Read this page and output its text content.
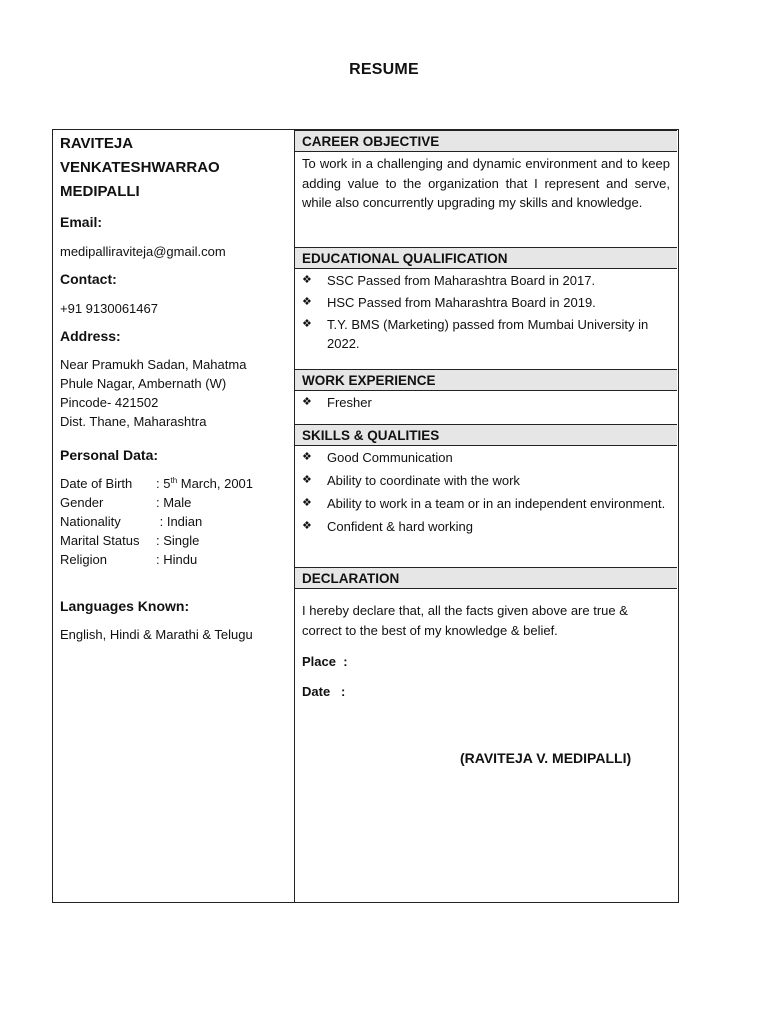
RESUME
RAVITEJA
VENKATESHWARRAO
MEDIPALLI
Email:
medipalliraviteja@gmail.com
Contact:
+91 9130061467
Address:
Near Pramukh Sadan, Mahatma
Phule Nagar, Ambernath (W)
Pincode- 421502
Dist. Thane, Maharashtra
Personal Data:
Date of Birth	: 5th March, 2001
Gender	: Male
Nationality	: Indian
Marital Status	: Single
Religion	: Hindu
Languages Known:
English, Hindi & Marathi & Telugu
CAREER OBJECTIVE
To work in a challenging and dynamic environment and to keep adding value to the organization that I represent and serve, while also concurrently upgrading my skills and knowledge.
EDUCATIONAL QUALIFICATION
❖	SSC Passed from Maharashtra Board in 2017.
❖	HSC Passed from Maharashtra Board in 2019.
❖	T.Y. BMS (Marketing) passed from Mumbai University in 2022.
WORK EXPERIENCE
❖	Fresher
SKILLS & QUALITIES
❖	Good Communication
❖	Ability to coordinate with the work
❖	Ability to work in a team or in an independent environment.
❖	Confident & hard working
DECLARATION
I hereby declare that, all the facts given above are true & correct to the best of my knowledge & belief.
Place  :
Date   :
(RAVITEJA V. MEDIPALLI)
